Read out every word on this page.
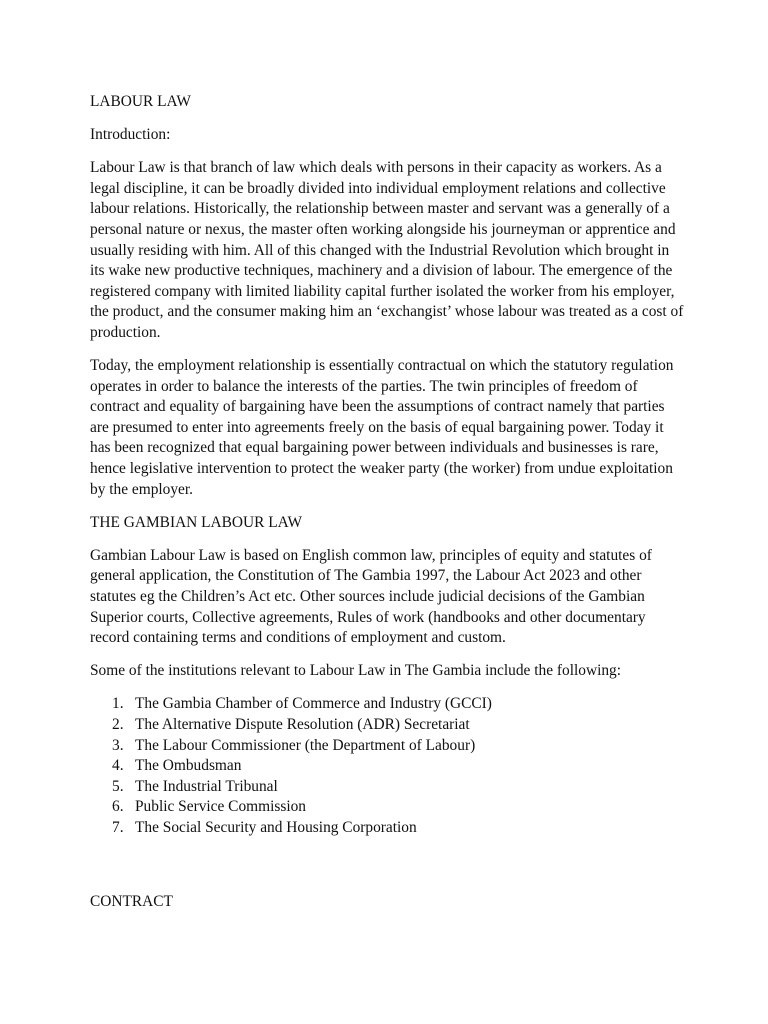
LABOUR LAW

Introduction:

Labour Law is that branch of law which deals with persons in their capacity as workers. As a legal discipline, it can be broadly divided into individual employment relations and collective labour relations. Historically, the relationship between master and servant was a generally of a personal nature or nexus, the master often working alongside his journeyman or apprentice and usually residing with him. All of this changed with the Industrial Revolution which brought in its wake new productive techniques, machinery and a division of labour. The emergence of the registered company with limited liability capital further isolated the worker from his employer, the product, and the consumer making him an ‘exchangist’ whose labour was treated as a cost of production.

Today, the employment relationship is essentially contractual on which the statutory regulation operates in order to balance the interests of the parties. The twin principles of freedom of contract and equality of bargaining have been the assumptions of contract namely that parties are presumed to enter into agreements freely on the basis of equal bargaining power. Today it has been recognized that equal bargaining power between individuals and businesses is rare, hence legislative intervention to protect the weaker party (the worker) from undue exploitation by the employer.

THE GAMBIAN LABOUR LAW

Gambian Labour Law is based on English common law, principles of equity and statutes of general application, the Constitution of The Gambia 1997, the Labour Act 2023 and other statutes eg the Children’s Act etc. Other sources include judicial decisions of the Gambian Superior courts, Collective agreements, Rules of work (handbooks and other documentary record containing terms and conditions of employment and custom.

Some of the institutions relevant to Labour Law in The Gambia include the following:

1. The Gambia Chamber of Commerce and Industry (GCCI)
2. The Alternative Dispute Resolution (ADR) Secretariat
3. The Labour Commissioner (the Department of Labour)
4. The Ombudsman
5. The Industrial Tribunal
6. Public Service Commission
7. The Social Security and Housing Corporation

CONTRACT
